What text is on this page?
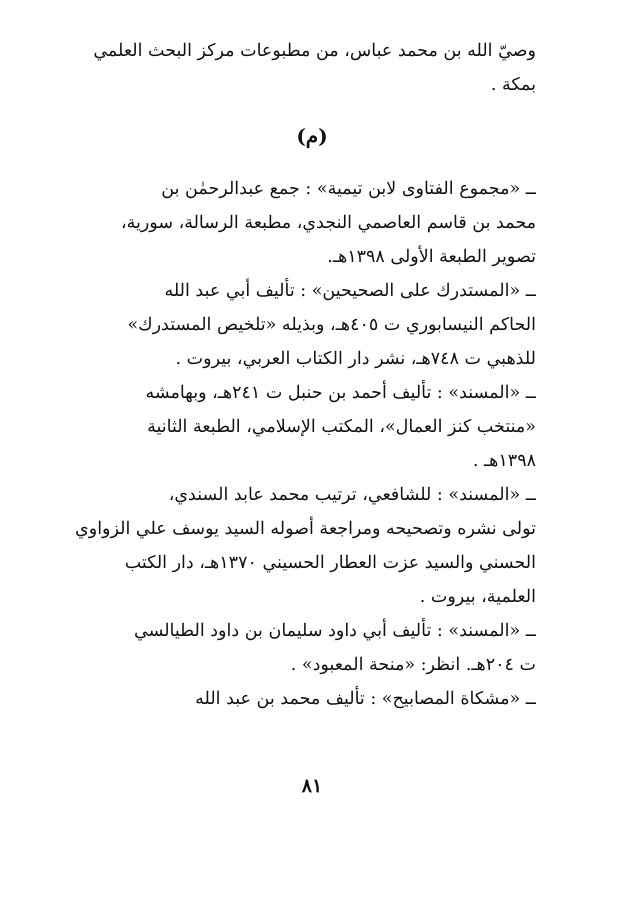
وصيّ الله بن محمد عباس، من مطبوعات مركز البحث العلمي
بمكة .
(م)
ــ «مجموع الفتاوى لابن تيمية» : جمع عبدالرحمٰن بن
محمد بن قاسم العاصمي النجدي، مطبعة الرسالة، سورية،
تصوير الطبعة الأولى ١٣٩٨هـ.
ــ «المستدرك على الصحيحين» : تأليف أبي عبد الله
الحاكم النيسابوري ت ٤٠٥هـ، وبذيله «تلخيص المستدرك»
للذهبي ت ٧٤٨هـ، نشر دار الكتاب العربي، بيروت .
ــ «المسند» : تأليف أحمد بن حنبل ت ٢٤١هـ، وبهامشه
«منتخب كنز العمال»، المكتب الإسلامي، الطبعة الثانية
١٣٩٨هـ .
ــ «المسند» : للشافعي، ترتيب محمد عابد السندي،
تولى نشره وتصحيحه ومراجعة أصوله السيد يوسف علي الزواوي
الحسني والسيد عزت العطار الحسيني ١٣٧٠هـ، دار الكتب
العلمية، بيروت .
ــ «المسند» : تأليف أبي داود سليمان بن داود الطيالسي
ت ٢٠٤هـ. انظر: «منحة المعبود» .
ــ «مشكاة المصابيح» : تأليف محمد بن عبد الله
٨١
